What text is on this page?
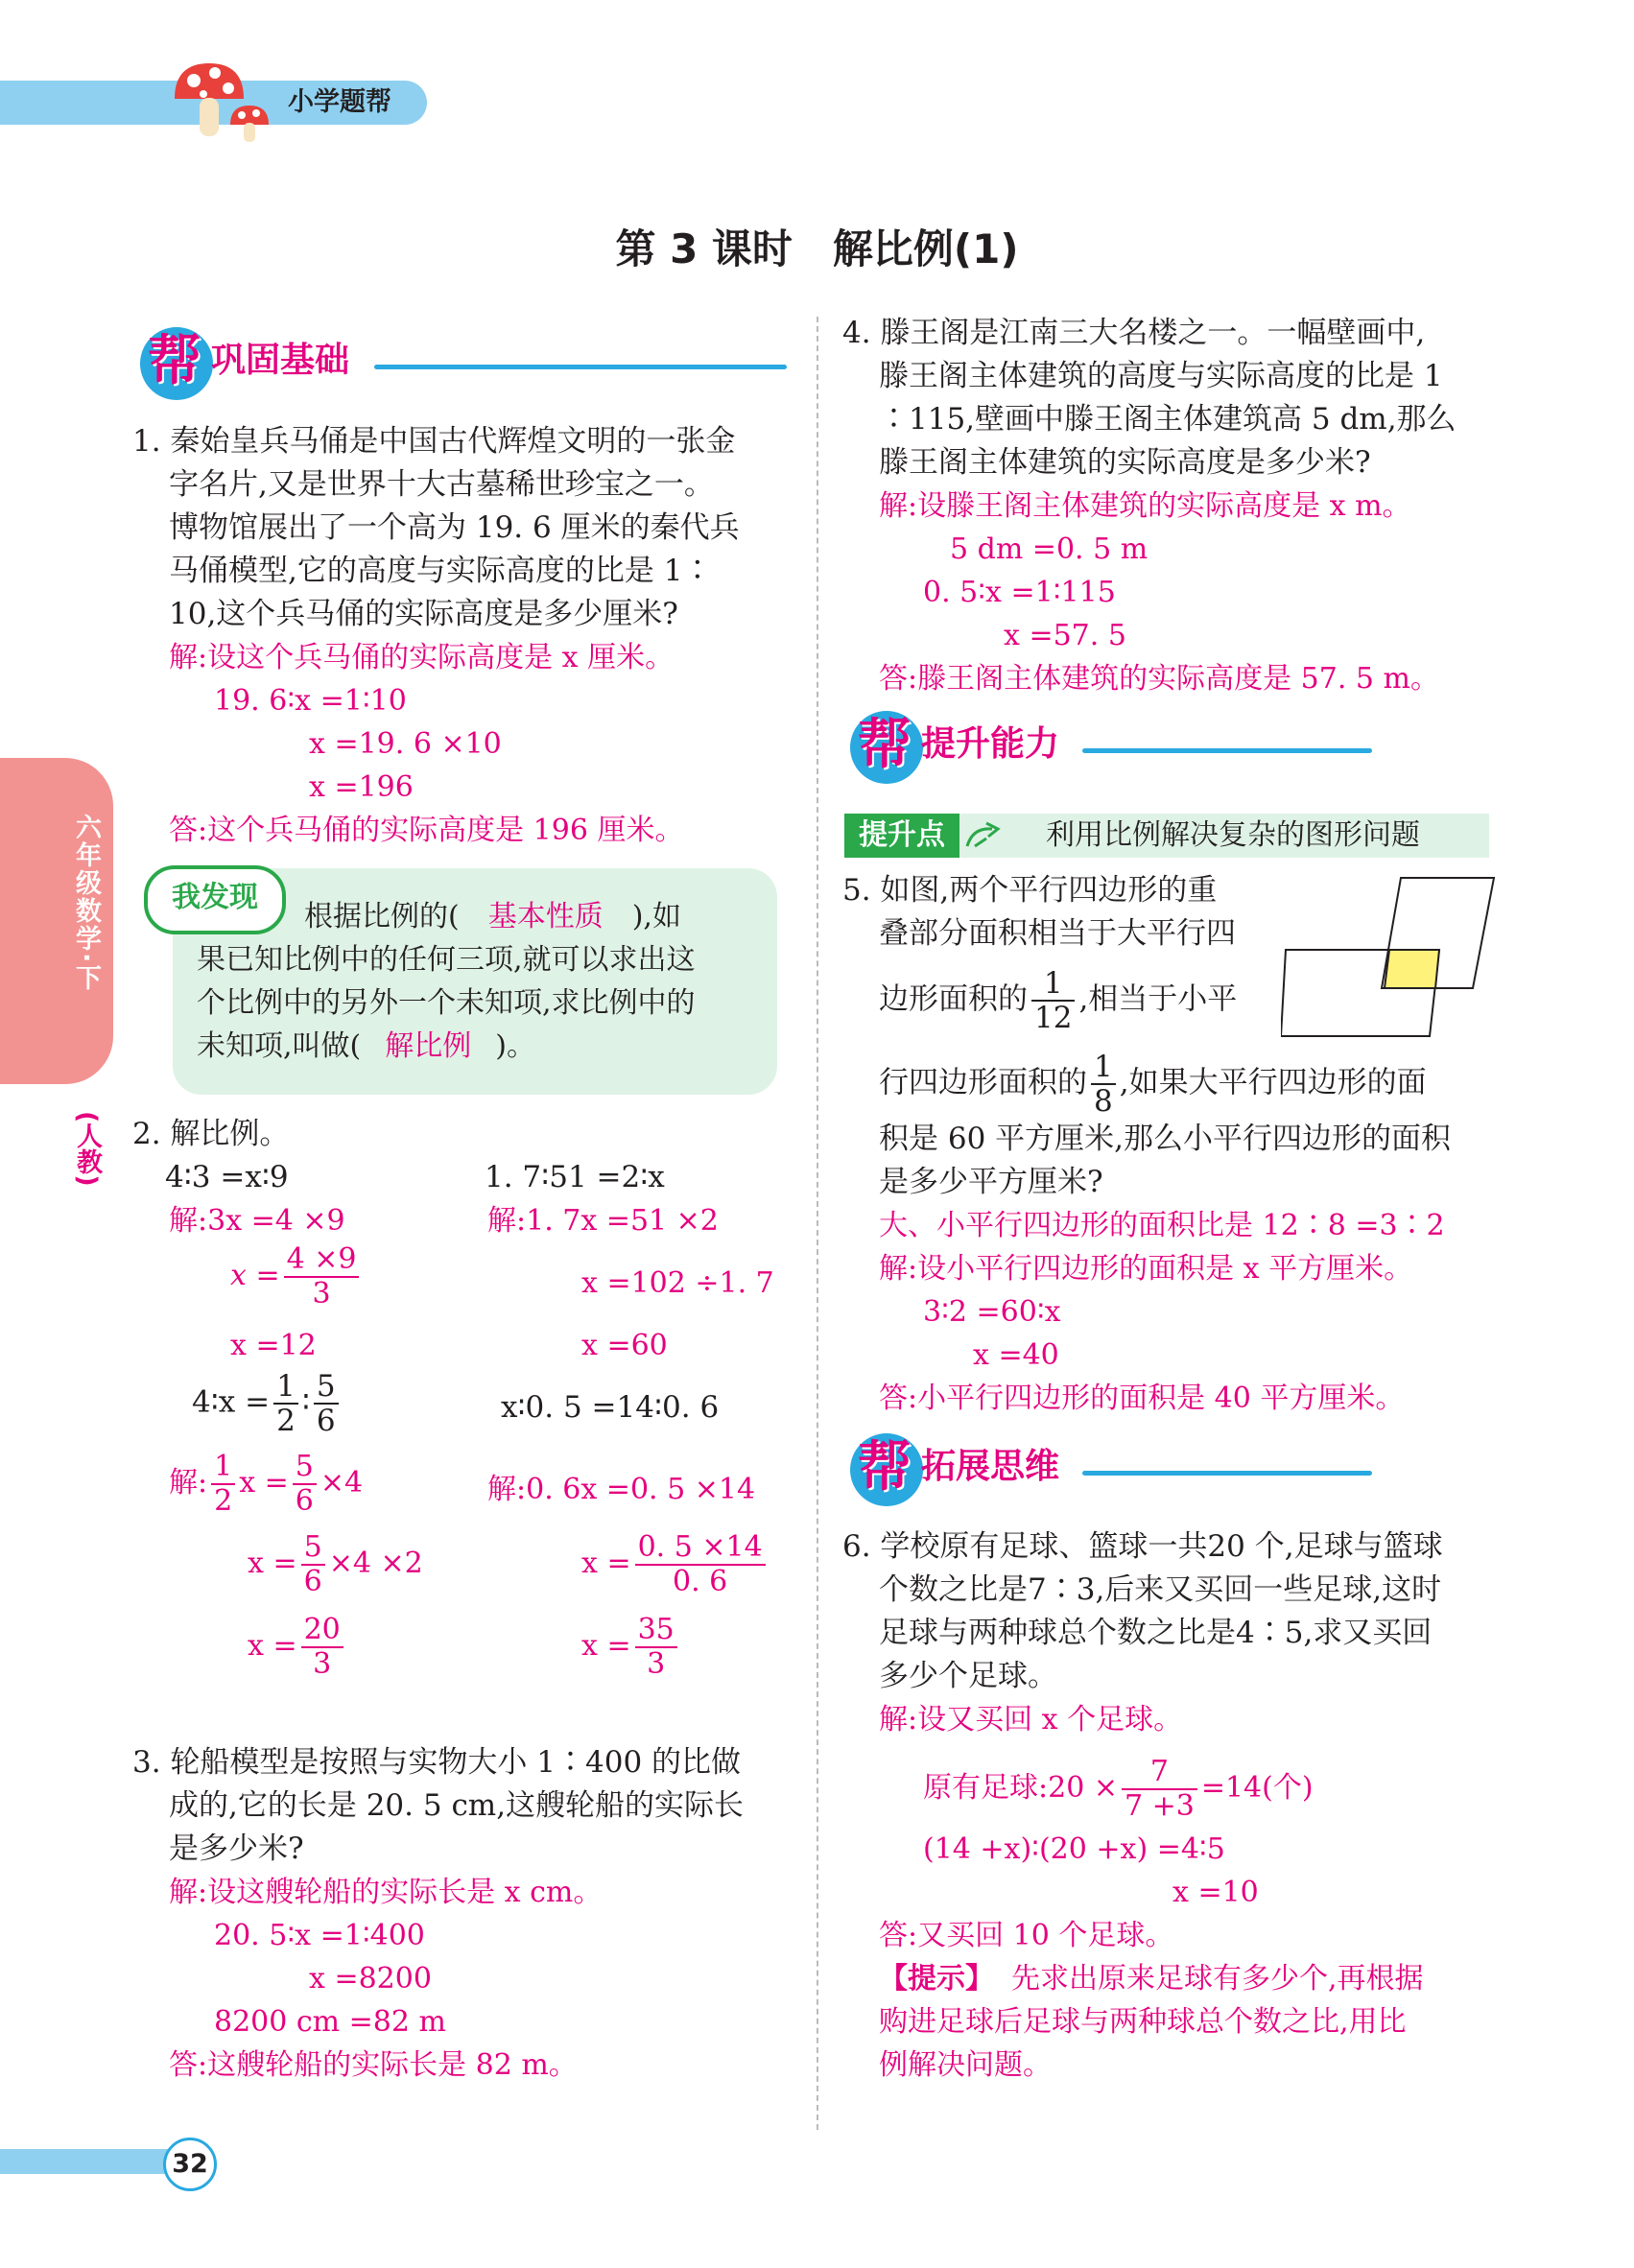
小学题帮
六年级数学·下
(人教)
第 3 课时　解比例(1)
帮 巩固基础
1. 秦始皇兵马俑是中国古代辉煌文明的一张金
字名片,又是世界十大古墓稀世珍宝之一。
博物馆展出了一个高为 19. 6 厘米的秦代兵
马俑模型,它的高度与实际高度的比是 1∶
10,这个兵马俑的实际高度是多少厘米?
解:设这个兵马俑的实际高度是 x 厘米。
19. 6∶x =1∶10
x =19. 6 ×10
x =196
答:这个兵马俑的实际高度是 196 厘米。
我发现
根据比例的( 基本性质 ),如
果已知比例中的任何三项,就可以求出这
个比例中的另外一个未知项,求比例中的
未知项,叫做( 解比例 )。
2. 解比例。
4∶3 =x∶9
解:3x =4 ×9
$x = \frac{4 \times 9}{3}$
x =12
1. 7∶51 =2∶x
解:1. 7x =51 ×2
x =102 ÷1. 7
x =60
4∶x = $\frac{1}{2}$ ∶ $\frac{5}{6}$
解: $\frac{1}{2}$ $x = \frac{5}{6} \times 4$
$x = \frac{5}{6} \times 4 \times 2$
$x = \frac{20}{3}$
x∶0. 5 =14∶0. 6
解:0. 6x =0. 5 ×14
$x = \frac{0. 5 \times 14}{0. 6}$
$x = \frac{35}{3}$
3. 轮船模型是按照与实物大小 1∶400 的比做
成的,它的长是 20. 5 cm,这艘轮船的实际长
是多少米?
解:设这艘轮船的实际长是 x cm。
20. 5∶x =1∶400
x =8200
8200 cm =82 m
答:这艘轮船的实际长是 82 m。
4. 滕王阁是江南三大名楼之一。一幅壁画中,
滕王阁主体建筑的高度与实际高度的比是 1
∶115,壁画中滕王阁主体建筑高 5 dm,那么
滕王阁主体建筑的实际高度是多少米?
解:设滕王阁主体建筑的实际高度是 x m。
5 dm =0. 5 m
0. 5∶x =1∶115
x =57. 5
答:滕王阁主体建筑的实际高度是 57. 5 m。
帮 提升能力
提升点	利用比例解决复杂的图形问题
5. 如图,两个平行四边形的重
叠部分面积相当于大平行四
边形面积的 $\frac{1}{12}$ ,相当于小平
行四边形面积的 $\frac{1}{8}$ ,如果大平行四边形的面
积是 60 平方厘米,那么小平行四边形的面积
是多少平方厘米?
大、小平行四边形的面积比是 12∶8 =3∶2
解:设小平行四边形的面积是 x 平方厘米。
3∶2 =60∶x
x =40
答:小平行四边形的面积是 40 平方厘米。
帮 拓展思维
6. 学校原有足球、篮球一共20 个,足球与篮球
个数之比是7∶3,后来又买回一些足球,这时
足球与两种球总个数之比是4∶5,求又买回
多少个足球。
解:设又买回 x 个足球。
原有足球:20 × $\frac{7}{7 +3} =14$(个)
(14 +x)∶(20 +x) =4∶5
x =10
答:又买回 10 个足球。
【提示】 先求出原来足球有多少个,再根据
购进足球后足球与两种球总个数之比,用比
例解决问题。
32
